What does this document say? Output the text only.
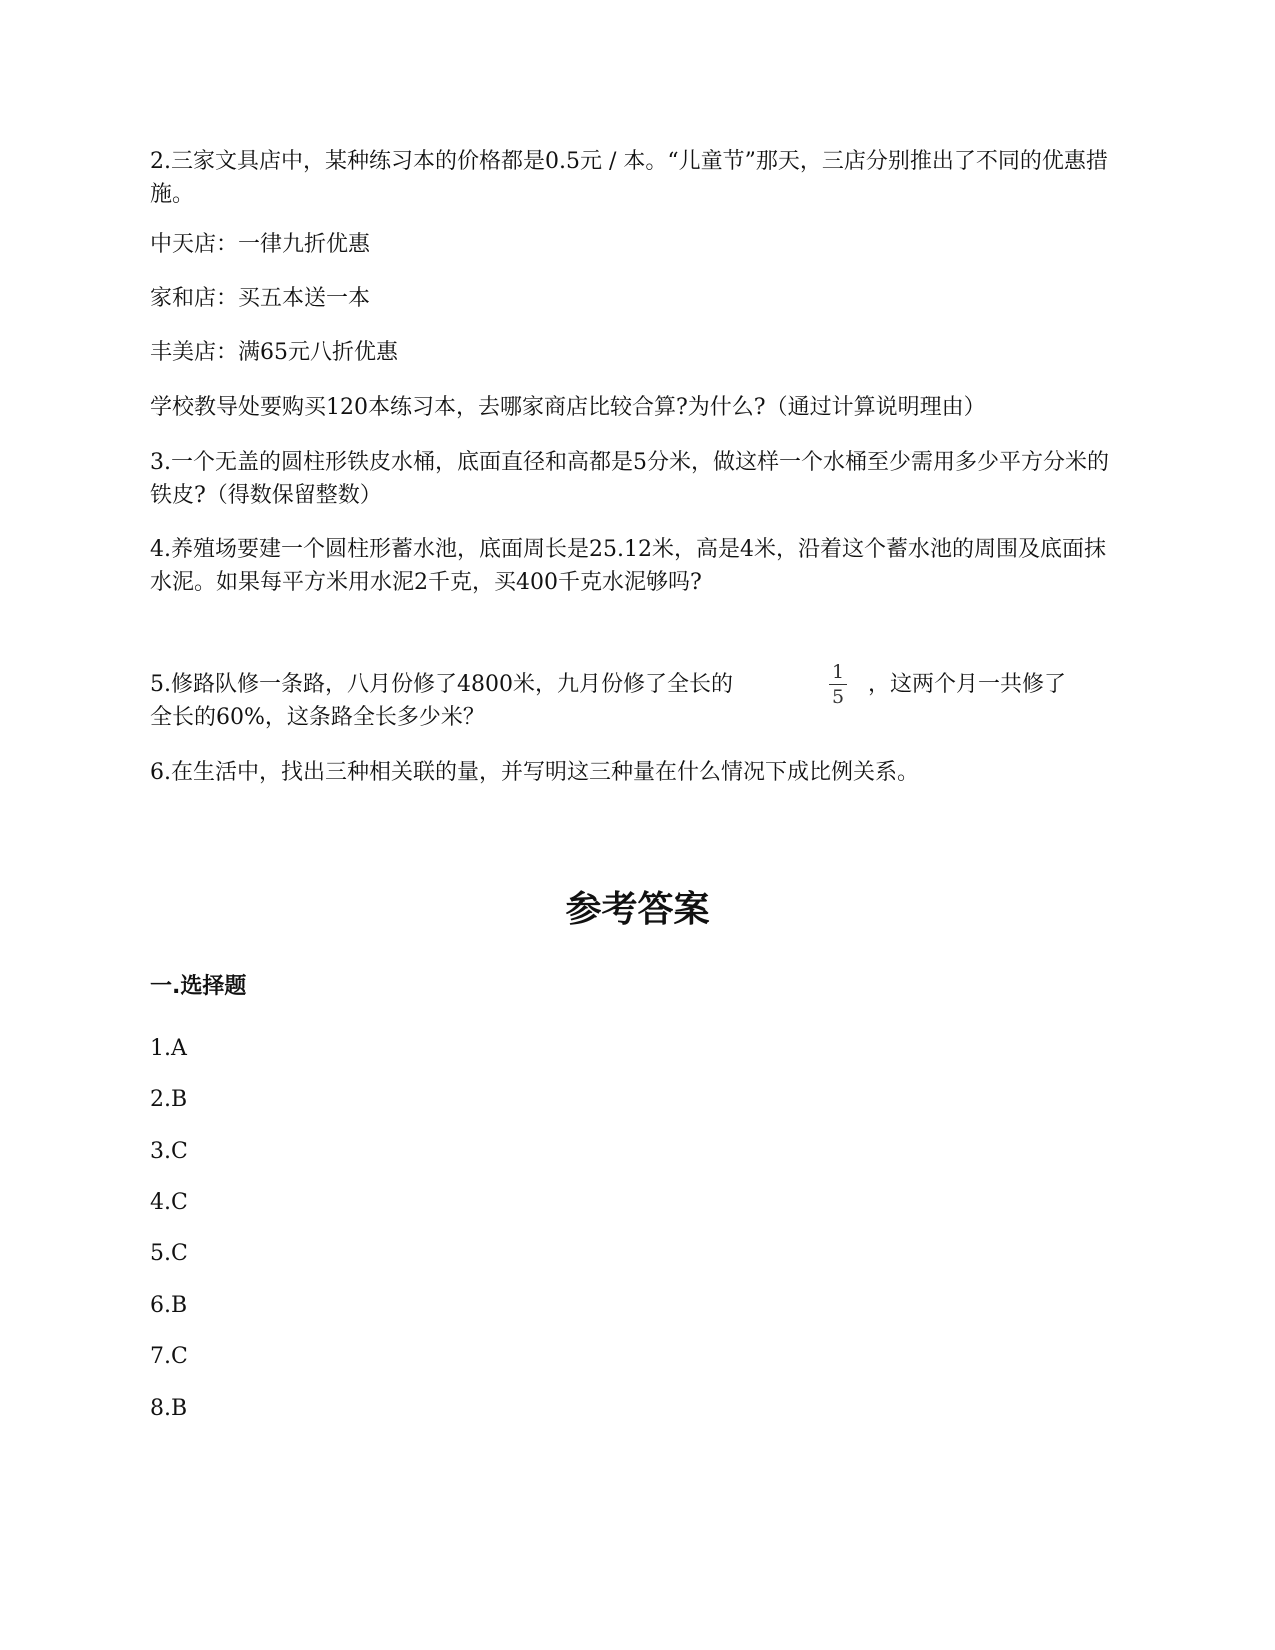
2.三家文具店中，某种练习本的价格都是0.5元 / 本。“儿童节”那天，三店分别推出了不同的优惠措施。

中天店：一律九折优惠

家和店：买五本送一本

丰美店：满65元八折优惠

学校教导处要购买120本练习本，去哪家商店比较合算?为什么?（通过计算说明理由）

3.一个无盖的圆柱形铁皮水桶，底面直径和高都是5分米，做这样一个水桶至少需用多少平方分米的铁皮?（得数保留整数）

4.养殖场要建一个圆柱形蓄水池，底面周长是25.12米，高是4米，沿着这个蓄水池的周围及底面抹水泥。如果每平方米用水泥2千克，买400千克水泥够吗?

5.修路队修一条路，八月份修了4800米，九月份修了全长的	1
5 ，这两个月一共修了
全长的60%，这条路全长多少米？

6.在生活中，找出三种相关联的量，并写明这三种量在什么情况下成比例关系。

参考答案
一.选择题
1.A
2.B
3.C
4.C
5.C
6.B
7.C
8.B
